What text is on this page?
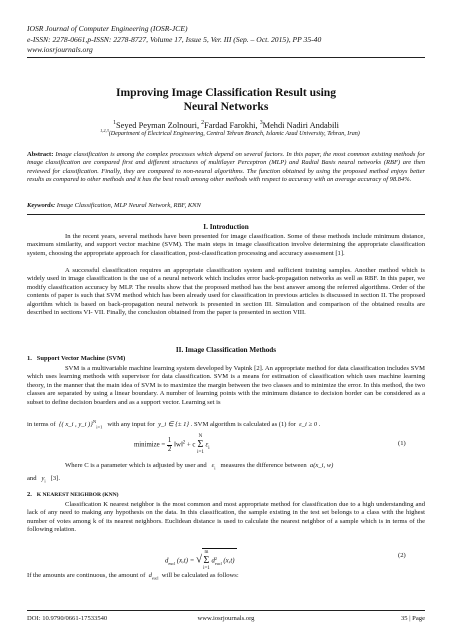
IOSR Journal of Computer Engineering (IOSR-JCE)
e-ISSN: 2278-0661,p-ISSN: 2278-8727, Volume 17, Issue 5, Ver. III (Sep. – Oct. 2015), PP 35-40
www.iosrjournals.org
Improving Image Classification Result using
Neural Networks
$^1$Seyed Peyman Zolnouri, $^2$Fardad Farokhi, $^3$Mehdi Nadiri Andabili
$^{1,2,3}$(Department of Electrical Engineering, Central Tehran Branch, Islamic Azad University, Tehran, Iran)
Abstract: Image classification is among the complex processes which depend on several factors. In this paper, the most common existing methods for image classification are compared first and different structures of multilayer Perceptron (MLP) and Radial Basis neural networks (RBF) are then reviewed for classification. Finally, they are compared to non-neural algorithms. The function obtained by using the proposed method enjoys better results as compared to other methods and it has the best result among other methods with respect to accuracy with an average accuracy of 98.84%.
Keywords: Image Classification, MLP Neural Network, RBF, KNN
I. Introduction
In the recent years, several methods have been presented for image classification. Some of these methods include minimum distance, maximum similarity, and support vector machine (SVM). The main steps in image classification involve determining the appropriate classification system, choosing the appropriate approach for classification, post-classification processing and accuracy assessment [1].
A successful classification requires an appropriate classification system and sufficient training samples. Another method which is widely used in image classification is the use of a neural network which includes error back-propagation networks as well as RBF. In this paper, we modify classification accuracy by MLP. The results show that the proposed method has the best answer among the referred algorithms. Order of the contents of paper is such that SVM method which has been already used for classification in previous articles is discussed in section II. The proposed algorithm which is based on back-propagation neural network is presented in section III. Simulation and comparison of the obtained results are described in sections VI- VII. Finally, the conclusion obtained from the paper is presented in section VIII.
II. Image Classification Methods
1. Support Vector Machine (SVM)
SVM is a multivariable machine learning system developed by Vapink [2]. An appropriate method for data classification includes SVM which uses learning methods with supervisor for data classification. SVM is a means for estimation of classification which uses machine learning theory, in the manner that the main idea of SVM is to maximize the margin between the two classes and to minimize the error. In this method, the two classes are separated by using a linear boundary. A number of learning points with the minimum distance to decision border can be considered as a subset to define decision boarders and as a support vector. Learning set is
in terms of {( x_i , y_i )}$^N_{i=1}$ with any input for y_i ∈ {± 1} . SVM algorithm is calculated as (1) for ε_i ≥ 0 .
minimize = $\frac{1}{2}$ ‖w‖$^2$ + c
N
Σ
i=1
$\varepsilon_i$
(1)
Where C is a parameter which is adjusted by user and $\varepsilon_i$ measures the difference between a(x_i, w)
and $y_i$ [3].
2. K NEAREST NEIGHBOR (KNN)
Classification K nearest neighbor is the most common and most appropriate method for classification due to a high understanding and lack of any need to making any hypothesis on the data. In this classification, the sample existing in the test set belongs to a class with the highest number of votes among k of its nearest neighbors. Euclidean distance is used to calculate the nearest neighbor of a sample which is in terms of the following relation.
$d_{eucl}$ (x,t) = √
m
Σ
i=1
d 2
eucl (x,t)
(2)
If the amounts are continuous, the amount of $d_{eucl}$ will be calculated as follows:
DOI: 10.9790/0661-17533540	www.iosrjournals.org	35 | Page
